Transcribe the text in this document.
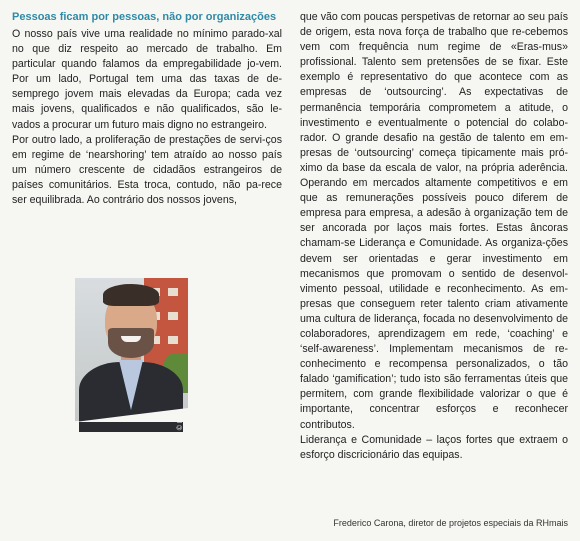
Pessoas ficam por pessoas, não por organizações

O nosso país vive uma realidade no mínimo parado-xal no que diz respeito ao mercado de trabalho. Em particular quando falamos da empregabilidade jo-vem. Por um lado, Portugal tem uma das taxas de de-semprego jovem mais elevadas da Europa; cada vez mais jovens, qualificados e não qualificados, são le-vados a procurar um futuro mais digno no estrangeiro.

Por outro lado, a proliferação de prestações de servi-ços em regime de ‘nearshoring’ tem atraído ao nosso país um número crescente de cidadãos estrangeiros de países comunitários. Esta troca, contudo, não pa-rece ser equilibrada. Ao contrário dos nossos jovens,

que vão com poucas perspetivas de retornar ao seu país de origem, esta nova força de trabalho que re-cebemos vem com frequência num regime de «Eras-mus» profissional. Talento sem pretensões de se fixar. Este exemplo é representativo do que acontece com as empresas de ‘outsourcing’. As expectativas de permanência temporária comprometem a atitude, o investimento e eventualmente o potencial do colabo-rador. O grande desafio na gestão de talento em em-presas de ‘outsourcing’ começa tipicamente mais pró-ximo da base da escala de valor, na própria aderência. Operando em mercados altamente competitivos e em que as remunerações possíveis pouco diferem de empresa para empresa, a adesão à organização tem de ser ancorada por laços mais fortes. Estas âncoras chamam-se Liderança e Comunidade. As organiza-ções devem ser orientadas e gerar investimento em mecanismos que promovam o sentido de desenvol-vimento pessoal, utilidade e reconhecimento. As em-presas que conseguem reter talento criam ativamente uma cultura de liderança, focada no desenvolvimento de colaboradores, aprendizagem em rede, ‘coaching’ e ‘self-awareness’. Implementam mecanismos de re-conhecimento e recompensa personalizados, o tão falado ‘gamification’; tudo isto são ferramentas úteis que permitem, com grande flexibilidade valorizar o que é importante, concentrar esforços e reconhecer contributos.

Liderança e Comunidade – laços fortes que extraem o esforço discricionário das equipas.

Frederico Carona, diretor de projetos especiais da RHmais
